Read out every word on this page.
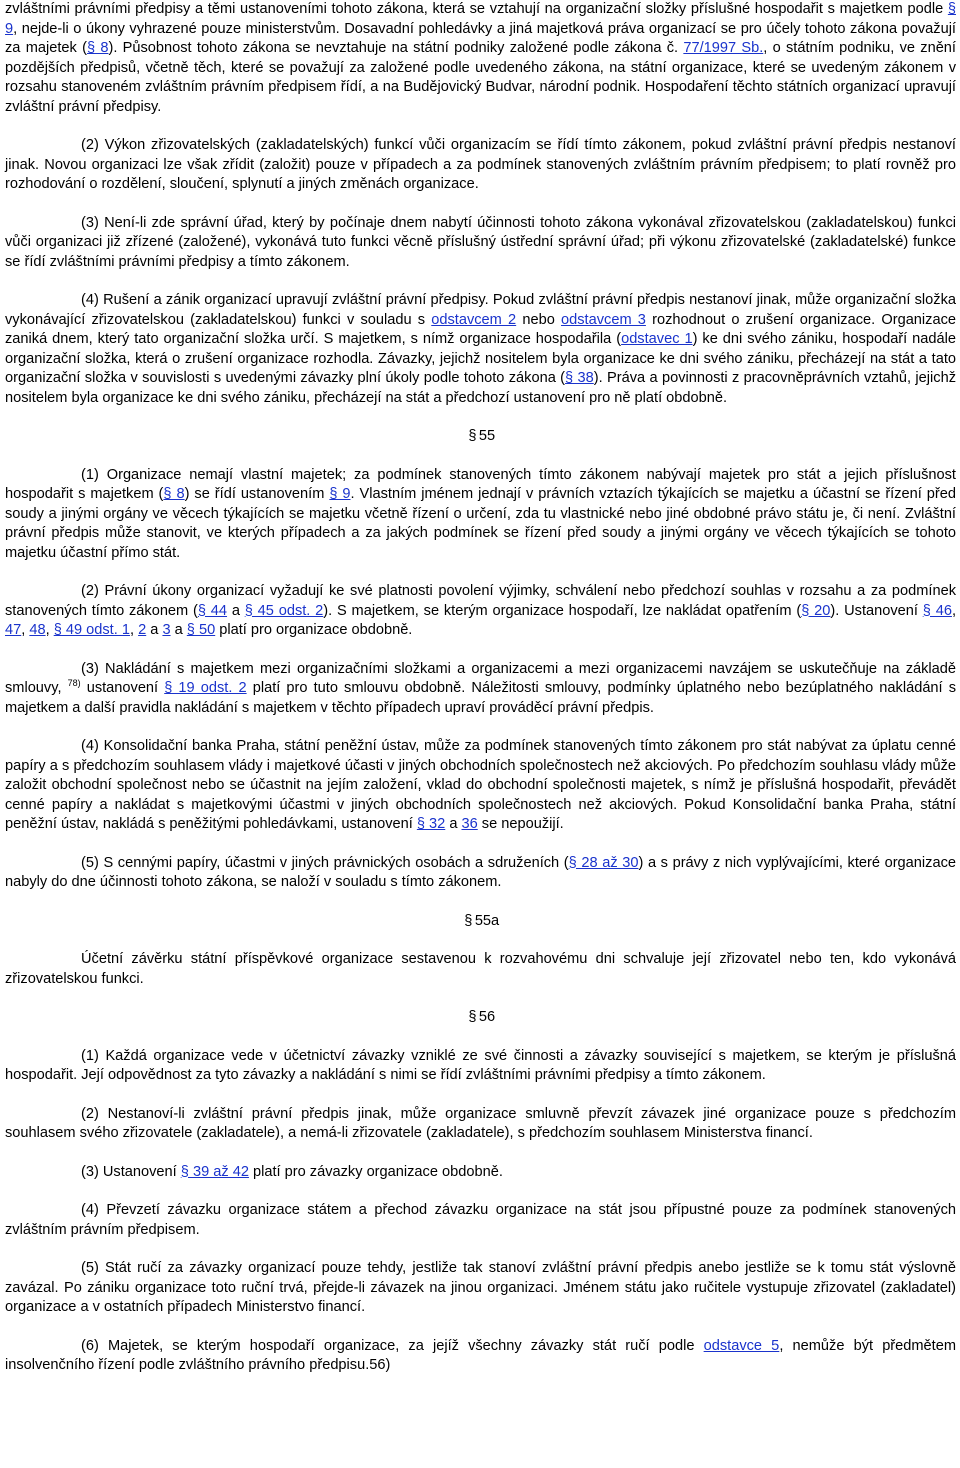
zvláštními právními předpisy a těmi ustanoveními tohoto zákona, která se vztahují na organizační složky příslušné hospodařit s majetkem podle § 9, nejde-li o úkony vyhrazené pouze ministerstvům. Dosavadní pohledávky a jiná majetková práva organizací se pro účely tohoto zákona považují za majetek (§ 8). Působnost tohoto zákona se nevztahuje na státní podniky založené podle zákona č. 77/1997 Sb., o státním podniku, ve znění pozdějších předpisů, včetně těch, které se považují za založené podle uvedeného zákona, na státní organizace, které se uvedeným zákonem v rozsahu stanoveném zvláštním právním předpisem řídí, a na Budějovický Budvar, národní podnik. Hospodaření těchto státních organizací upravují zvláštní právní předpisy.

(2) Výkon zřizovatelských (zakladatelských) funkcí vůči organizacím se řídí tímto zákonem, pokud zvláštní právní předpis nestanoví jinak. Novou organizaci lze však zřídit (založit) pouze v případech a za podmínek stanovených zvláštním právním předpisem; to platí rovněž pro rozhodování o rozdělení, sloučení, splynutí a jiných změnách organizace.

(3) Není-li zde správní úřad, který by počínaje dnem nabytí účinnosti tohoto zákona vykonával zřizovatelskou (zakladatelskou) funkci vůči organizaci již zřízené (založené), vykonává tuto funkci věcně příslušný ústřední správní úřad; při výkonu zřizovatelské (zakladatelské) funkce se řídí zvláštními právními předpisy a tímto zákonem.

(4) Rušení a zánik organizací upravují zvláštní právní předpisy. Pokud zvláštní právní předpis nestanoví jinak, může organizační složka vykonávající zřizovatelskou (zakladatelskou) funkci v souladu s odstavcem 2 nebo odstavcem 3 rozhodnout o zrušení organizace. Organizace zaniká dnem, který tato organizační složka určí. S majetkem, s nímž organizace hospodařila (odstavec 1) ke dni svého zániku, hospodaří nadále organizační složka, která o zrušení organizace rozhodla. Závazky, jejichž nositelem byla organizace ke dni svého zániku, přecházejí na stát a tato organizační složka v souvislosti s uvedenými závazky plní úkoly podle tohoto zákona (§ 38). Práva a povinnosti z pracovněprávních vztahů, jejichž nositelem byla organizace ke dni svého zániku, přecházejí na stát a předchozí ustanovení pro ně platí obdobně.

§ 55

(1) Organizace nemají vlastní majetek; za podmínek stanovených tímto zákonem nabývají majetek pro stát a jejich příslušnost hospodařit s majetkem (§ 8) se řídí ustanovením § 9. Vlastním jménem jednají v právních vztazích týkajících se majetku a účastní se řízení před soudy a jinými orgány ve věcech týkajících se majetku včetně řízení o určení, zda tu vlastnické nebo jiné obdobné právo státu je, či není. Zvláštní právní předpis může stanovit, ve kterých případech a za jakých podmínek se řízení před soudy a jinými orgány ve věcech týkajících se tohoto majetku účastní přímo stát.

(2) Právní úkony organizací vyžadují ke své platnosti povolení výjimky, schválení nebo předchozí souhlas v rozsahu a za podmínek stanovených tímto zákonem (§ 44 a § 45 odst. 2). S majetkem, se kterým organizace hospodaří, lze nakládat opatřením (§ 20). Ustanovení § 46, 47, 48, § 49 odst. 1, 2 a 3 a § 50 platí pro organizace obdobně.

(3) Nakládání s majetkem mezi organizačními složkami a organizacemi a mezi organizacemi navzájem se uskutečňuje na základě smlouvy, $^{78)}$ ustanovení § 19 odst. 2 platí pro tuto smlouvu obdobně. Náležitosti smlouvy, podmínky úplatného nebo bezúplatného nakládání s majetkem a další pravidla nakládání s majetkem v těchto případech upraví prováděcí právní předpis.

(4) Konsolidační banka Praha, státní peněžní ústav, může za podmínek stanovených tímto zákonem pro stát nabývat za úplatu cenné papíry a s předchozím souhlasem vlády i majetkové účasti v jiných obchodních společnostech než akciových. Po předchozím souhlasu vlády může založit obchodní společnost nebo se účastnit na jejím založení, vklad do obchodní společnosti majetek, s nímž je příslušná hospodařit, převádět cenné papíry a nakládat s majetkovými účastmi v jiných obchodních společnostech než akciových. Pokud Konsolidační banka Praha, státní peněžní ústav, nakládá s peněžitými pohledávkami, ustanovení § 32 a 36 se nepoužijí.

(5) S cennými papíry, účastmi v jiných právnických osobách a sdruženích (§ 28 až 30) a s právy z nich vyplývajícími, které organizace nabyly do dne účinnosti tohoto zákona, se naloží v souladu s tímto zákonem.

§ 55a

Účetní závěrku státní příspěvkové organizace sestavenou k rozvahovému dni schvaluje její zřizovatel nebo ten, kdo vykonává zřizovatelskou funkci.

§ 56

(1) Každá organizace vede v účetnictví závazky vzniklé ze své činnosti a závazky související s majetkem, se kterým je příslušná hospodařit. Její odpovědnost za tyto závazky a nakládání s nimi se řídí zvláštními právními předpisy a tímto zákonem.

(2) Nestanoví-li zvláštní právní předpis jinak, může organizace smluvně převzít závazek jiné organizace pouze s předchozím souhlasem svého zřizovatele (zakladatele), a nemá-li zřizovatele (zakladatele), s předchozím souhlasem Ministerstva financí.

(3) Ustanovení § 39 až 42 platí pro závazky organizace obdobně.

(4) Převzetí závazku organizace státem a přechod závazku organizace na stát jsou přípustné pouze za podmínek stanovených zvláštním právním předpisem.

(5) Stát ručí za závazky organizací pouze tehdy, jestliže tak stanoví zvláštní právní předpis anebo jestliže se k tomu stát výslovně zavázal. Po zániku organizace toto ruční trvá, přejde-li závazek na jinou organizaci. Jménem státu jako ručitele vystupuje zřizovatel (zakladatel) organizace a v ostatních případech Ministerstvo financí.

(6) Majetek, se kterým hospodaří organizace, za jejíž všechny závazky stát ručí podle odstavce 5, nemůže být předmětem insolvenčního řízení podle zvláštního právního předpisu.56)
